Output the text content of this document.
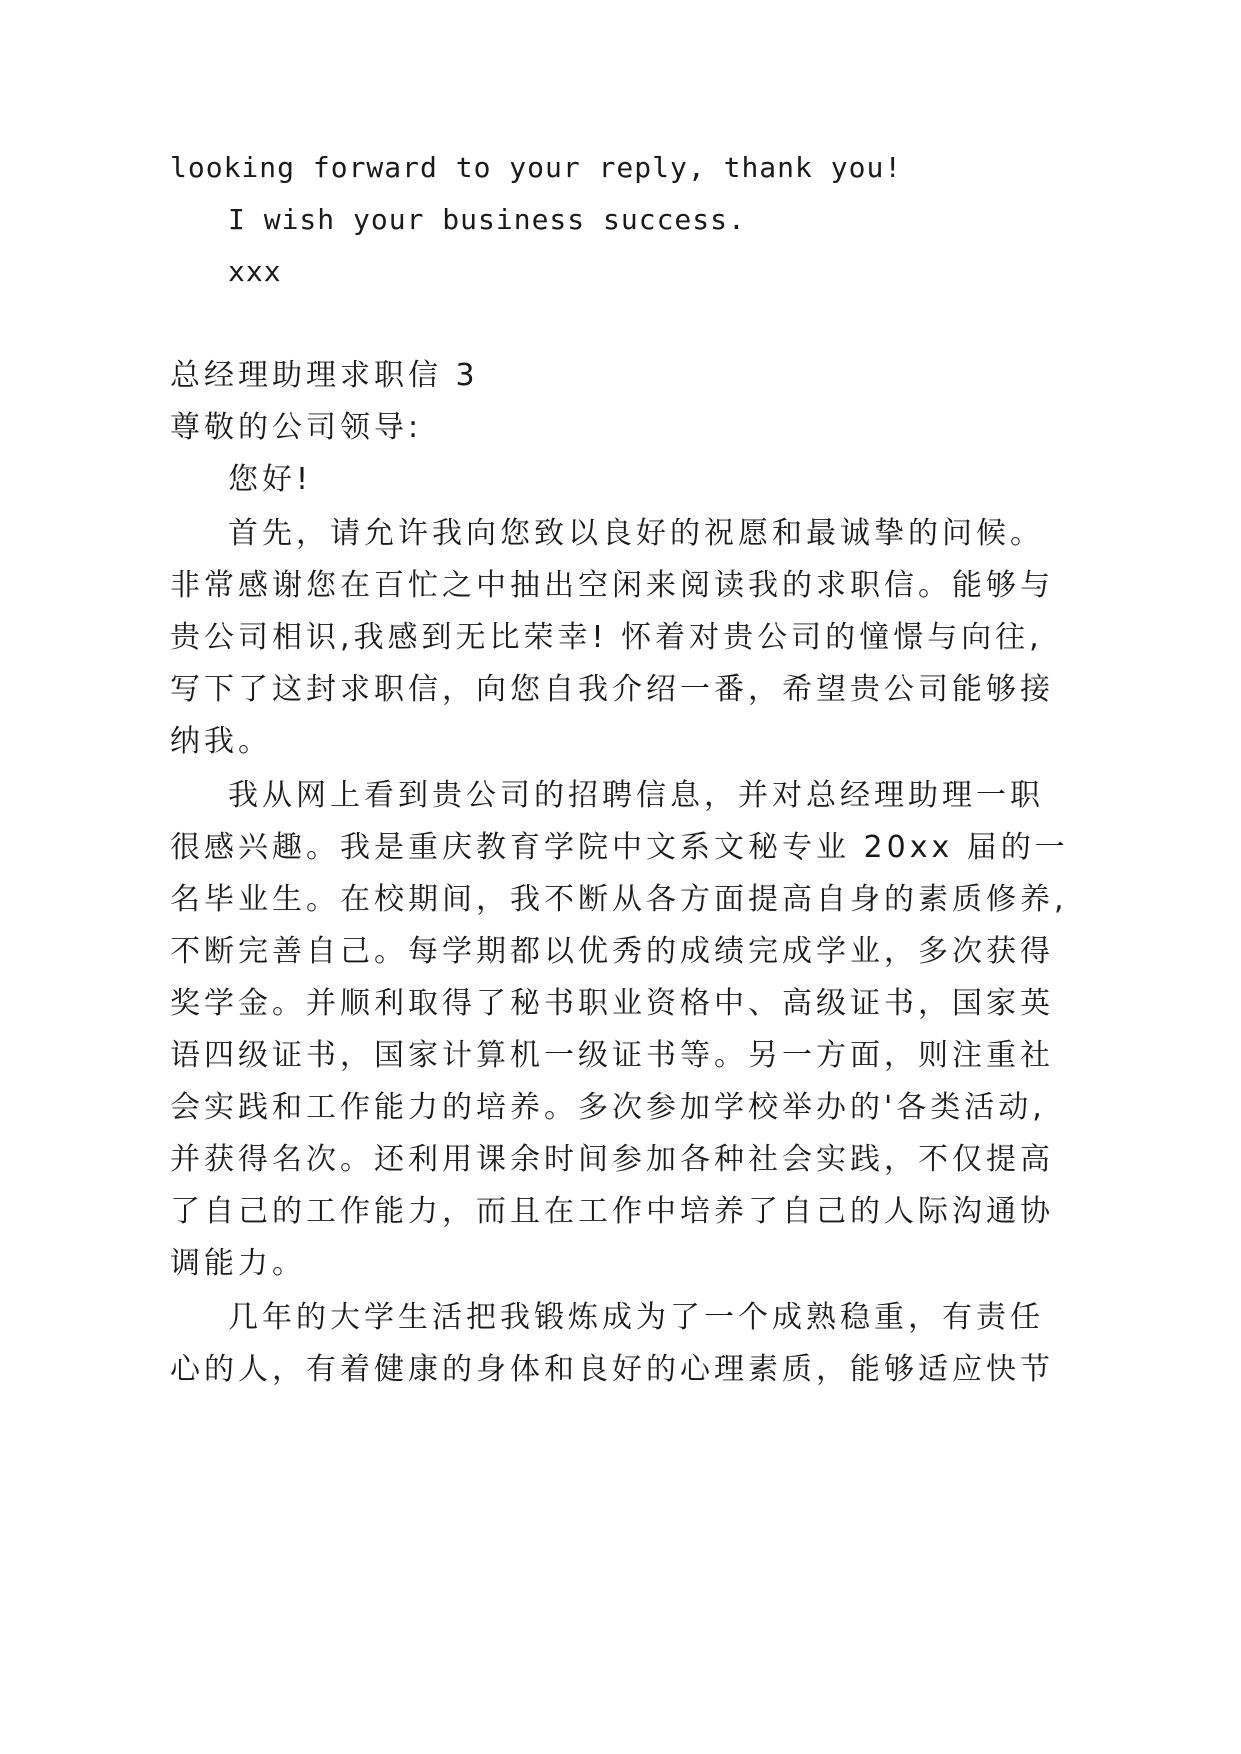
looking forward to your reply, thank you!
I wish your business success.
xxx
总经理助理求职信 3
尊敬的公司领导:
您好!
首先，请允许我向您致以良好的祝愿和最诚挚的问候。
非常感谢您在百忙之中抽出空闲来阅读我的求职信。能够与
贵公司相识,我感到无比荣幸! 怀着对贵公司的憧憬与向往,
写下了这封求职信，向您自我介绍一番，希望贵公司能够接
纳我。
我从网上看到贵公司的招聘信息，并对总经理助理一职
很感兴趣。我是重庆教育学院中文系文秘专业 20xx 届的一
名毕业生。在校期间，我不断从各方面提高自身的素质修养,
不断完善自己。每学期都以优秀的成绩完成学业，多次获得
奖学金。并顺利取得了秘书职业资格中、高级证书，国家英
语四级证书，国家计算机一级证书等。另一方面，则注重社
会实践和工作能力的培养。多次参加学校举办的'各类活动,
并获得名次。还利用课余时间参加各种社会实践，不仅提高
了自己的工作能力，而且在工作中培养了自己的人际沟通协
调能力。
几年的大学生活把我锻炼成为了一个成熟稳重，有责任
心的人，有着健康的身体和良好的心理素质，能够适应快节
